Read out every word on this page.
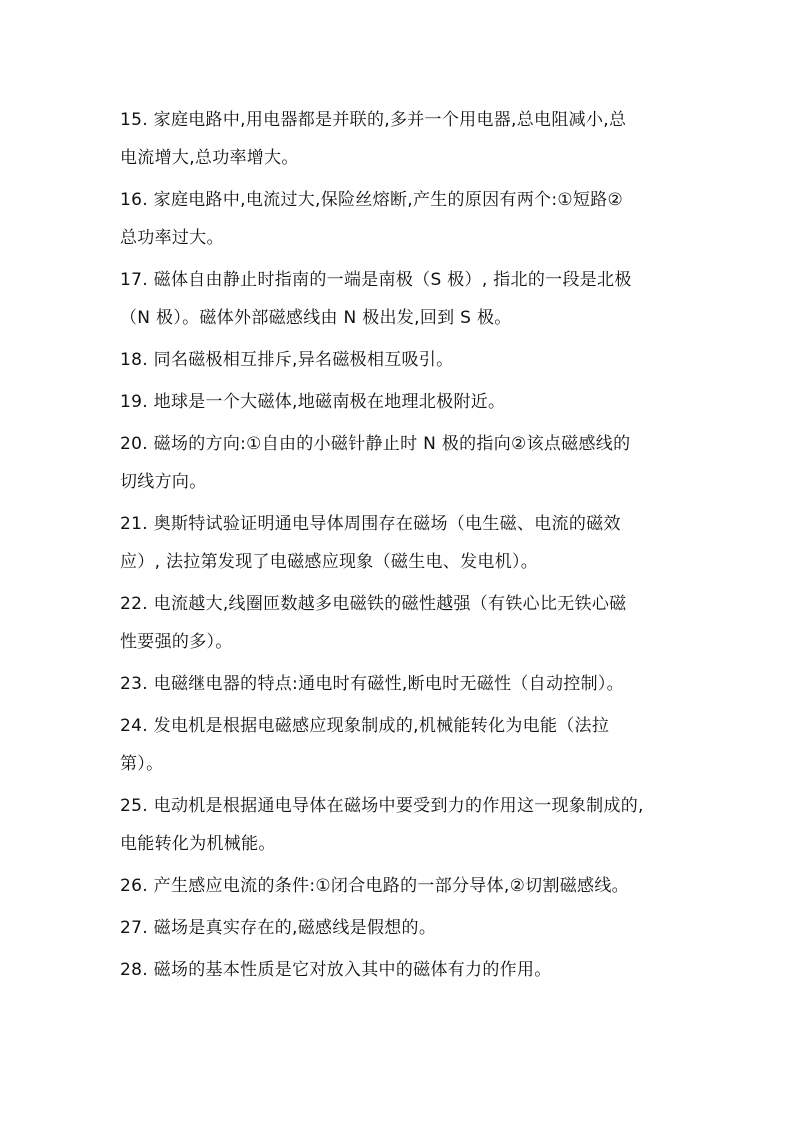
15. 家庭电路中,用电器都是并联的,多并一个用电器,总电阻减小,总
电流增大,总功率增大。
16. 家庭电路中,电流过大,保险丝熔断,产生的原因有两个:①短路②
总功率过大。
17. 磁体自由静止时指南的一端是南极（S 极）, 指北的一段是北极
（N 极）。磁体外部磁感线由 N 极出发,回到 S 极。
18. 同名磁极相互排斥,异名磁极相互吸引。
19. 地球是一个大磁体,地磁南极在地理北极附近。
20. 磁场的方向:①自由的小磁针静止时 N 极的指向②该点磁感线的
切线方向。
21. 奥斯特试验证明通电导体周围存在磁场（电生磁、电流的磁效
应）, 法拉第发现了电磁感应现象（磁生电、发电机）。
22. 电流越大,线圈匝数越多电磁铁的磁性越强（有铁心比无铁心磁
性要强的多）。
23. 电磁继电器的特点:通电时有磁性,断电时无磁性（自动控制）。
24. 发电机是根据电磁感应现象制成的,机械能转化为电能（法拉
第）。
25. 电动机是根据通电导体在磁场中要受到力的作用这一现象制成的,
电能转化为机械能。
26. 产生感应电流的条件:①闭合电路的一部分导体,②切割磁感线。
27. 磁场是真实存在的,磁感线是假想的。
28. 磁场的基本性质是它对放入其中的磁体有力的作用。
